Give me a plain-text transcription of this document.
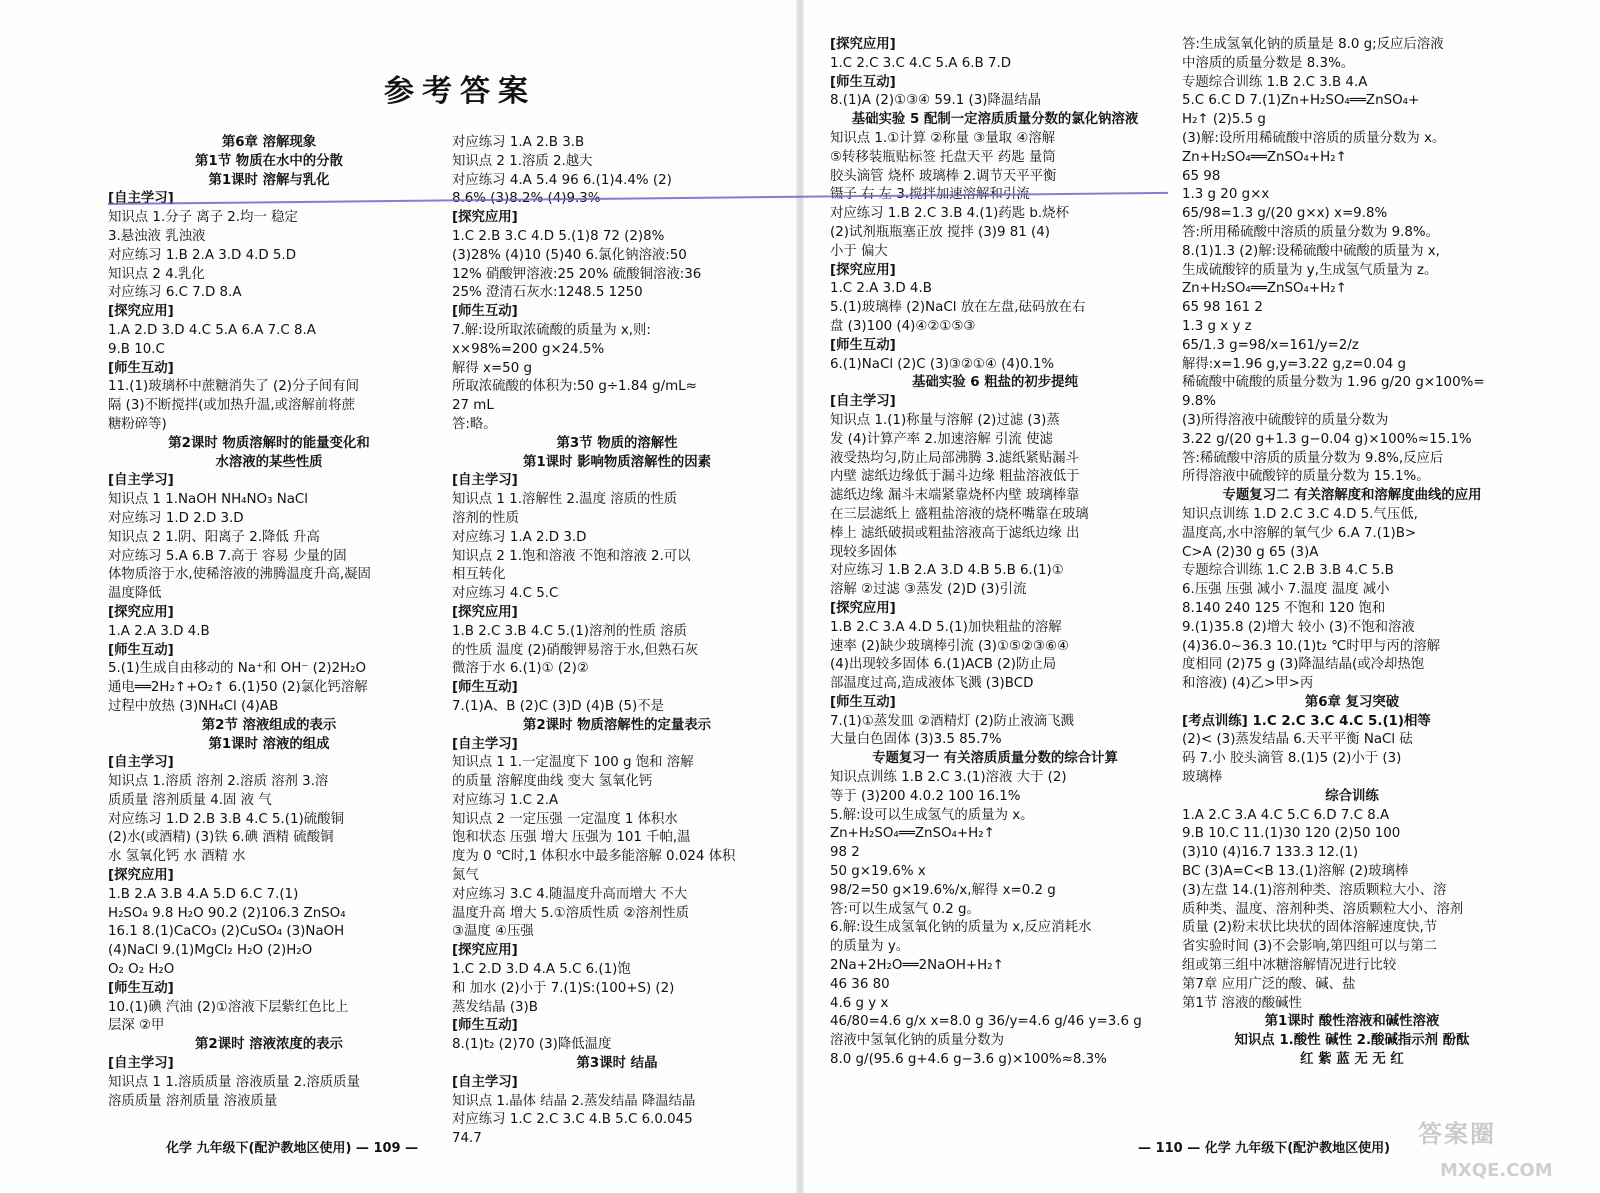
参考答案
第6章 溶解现象
第1节 物质在水中的分散
第1课时 溶解与乳化
[自主学习]
知识点 1.分子 离子 2.均一 稳定
3.悬浊液 乳浊液
对应练习 1.B 2.A 3.D 4.D 5.D
知识点 2 4.乳化
对应练习 6.C 7.D 8.A
[探究应用]
1.A 2.D 3.D 4.C 5.A 6.A 7.C 8.A
9.B 10.C
[师生互动]
11.(1)玻璃杯中蔗糖消失了 (2)分子间有间
隔 (3)不断搅拌(或加热升温,或溶解前将蔗
糖粉碎等)
第2课时 物质溶解时的能量变化和
水溶液的某些性质
[自主学习]
知识点 1 1.NaOH NH₄NO₃ NaCl
对应练习 1.D 2.D 3.D
知识点 2 1.阴、阳离子 2.降低 升高
对应练习 5.A 6.B 7.高于 容易 少量的固
体物质溶于水,使稀溶液的沸腾温度升高,凝固
温度降低
[探究应用]
1.A 2.A 3.D 4.B
[师生互动]
5.(1)生成自由移动的 Na⁺和 OH⁻ (2)2H₂O
通电══2H₂↑+O₂↑ 6.(1)50 (2)氯化钙溶解
过程中放热 (3)NH₄Cl (4)AB
第2节 溶液组成的表示
第1课时 溶液的组成
[自主学习]
知识点 1.溶质 溶剂 2.溶质 溶剂 3.溶
质质量 溶剂质量 4.固 液 气
对应练习 1.D 2.B 3.B 4.C 5.(1)硫酸铜
(2)水(或酒精) (3)铁 6.碘 酒精 硫酸铜
水 氢氧化钙 水 酒精 水
[探究应用]
1.B 2.A 3.B 4.A 5.D 6.C 7.(1)
H₂SO₄ 9.8 H₂O 90.2 (2)106.3 ZnSO₄
16.1 8.(1)CaCO₃ (2)CuSO₄ (3)NaOH
(4)NaCl 9.(1)MgCl₂ H₂O (2)H₂O
O₂ O₂ H₂O
[师生互动]
10.(1)碘 汽油 (2)①溶液下层紫红色比上
层深 ②甲
第2课时 溶液浓度的表示
[自主学习]
知识点 1 1.溶质质量 溶液质量 2.溶质质量
溶质质量 溶剂质量 溶液质量
对应练习 1.A 2.B 3.B
知识点 2 1.溶质 2.越大
对应练习 4.A 5.4 96 6.(1)4.4% (2)
[探究应用]
1.C 2.B 3.C 4.D 5.(1)8 72 (2)8%
(3)28% (4)10 (5)40 6.氯化钠溶液:50
12% 硝酸钾溶液:25 20% 硫酸铜溶液:36
25% 澄清石灰水:1248.5 1250
[师生互动]
7.解:设所取浓硫酸的质量为 x,则:
x×98%=200 g×24.5%
解得 x=50 g
所取浓硫酸的体积为:50 g÷1.84 g/mL≈
27 mL
答:略。
第3节 物质的溶解性
第1课时 影响物质溶解性的因素
[自主学习]
知识点 1 1.溶解性 2.温度 溶质的性质
溶剂的性质
对应练习 1.A 2.D 3.D
知识点 2 1.饱和溶液 不饱和溶液 2.可以
相互转化
对应练习 4.C 5.C
[探究应用]
1.B 2.C 3.B 4.C 5.(1)溶剂的性质 溶质
的性质 温度 (2)硝酸钾易溶于水,但熟石灰
微溶于水 6.(1)① (2)②
[师生互动]
7.(1)A、B (2)C (3)D (4)B (5)不是
第2课时 物质溶解性的定量表示
[自主学习]
知识点 1 1.一定温度下 100 g 饱和 溶解
的质量 溶解度曲线 变大 氢氧化钙
对应练习 1.C 2.A
知识点 2 一定压强 一定温度 1 体积水
饱和状态 压强 增大 压强为 101 千帕,温
度为 0 ℃时,1 体积水中最多能溶解 0.024 体积
氮气
对应练习 3.C 4.随温度升高而增大 不大
温度升高 增大 5.①溶质性质 ②溶剂性质
③温度 ④压强
[探究应用]
1.C 2.D 3.D 4.A 5.C 6.(1)饱
和 加水 (2)小于 7.(1)S:(100+S) (2)
蒸发结晶 (3)B
[师生互动]
8.(1)t₂ (2)70 (3)降低温度
第3课时 结晶
[自主学习]
知识点 1.晶体 结晶 2.蒸发结晶 降温结晶
对应练习 1.C 2.C 3.C 4.B 5.C 6.0.045
74.7
[探究应用]
1.C 2.C 3.C 4.C 5.A 6.B 7.D
[师生互动]
8.(1)A (2)①③④ 59.1 (3)降温结晶
基础实验 5 配制一定溶质质量分数的氯化钠溶液
知识点 1.①计算 ②称量 ③量取 ④溶解
⑤转移装瓶贴标签 托盘天平 药匙 量筒
胶头滴管 烧杯 玻璃棒 2.调节天平平衡
对应练习 1.B 2.C 3.B 4.(1)药匙 b.烧杯
(2)试剂瓶瓶塞正放 搅拌 (3)9 81 (4)
小于 偏大
[探究应用]
1.C 2.A 3.D 4.B
5.(1)玻璃棒 (2)NaCl 放在左盘,砝码放在右
盘 (3)100 (4)④②①⑤③
[师生互动]
6.(1)NaCl (2)C (3)③②①④ (4)0.1%
基础实验 6 粗盐的初步提纯
[自主学习]
知识点 1.(1)称量与溶解 (2)过滤 (3)蒸
发 (4)计算产率 2.加速溶解 引流 使滤
液受热均匀,防止局部沸腾 3.滤纸紧贴漏斗
内壁 滤纸边缘低于漏斗边缘 粗盐溶液低于
滤纸边缘 漏斗末端紧靠烧杯内壁 玻璃棒靠
在三层滤纸上 盛粗盐溶液的烧杯嘴靠在玻璃
棒上 滤纸破损或粗盐溶液高于滤纸边缘 出
现较多固体
对应练习 1.B 2.A 3.D 4.B 5.B 6.(1)①
溶解 ②过滤 ③蒸发 (2)D (3)引流
[探究应用]
1.B 2.C 3.A 4.D 5.(1)加快粗盐的溶解
速率 (2)缺少玻璃棒引流 (3)①⑤②③⑥④
(4)出现较多固体 6.(1)ACB (2)防止局
部温度过高,造成液体飞溅 (3)BCD
[师生互动]
7.(1)①蒸发皿 ②酒精灯 (2)防止液滴飞溅
大量白色固体 (3)3.5 85.7%
专题复习一 有关溶质质量分数的综合计算
知识点训练 1.B 2.C 3.(1)溶液 大于 (2)
等于 (3)200 4.0.2 100 16.1%
5.解:设可以生成氢气的质量为 x。
Zn+H₂SO₄══ZnSO₄+H₂↑
98 2
50 g×19.6% x
98/2=50 g×19.6%/x,解得 x=0.2 g
答:可以生成氢气 0.2 g。
6.解:设生成氢氧化钠的质量为 x,反应消耗水
的质量为 y。
2Na+2H₂O══2NaOH+H₂↑
46 36 80
4.6 g y x
46/80=4.6 g/x x=8.0 g 36/y=4.6 g/46 y=3.6 g
溶液中氢氧化钠的质量分数为
8.0 g/(95.6 g+4.6 g−3.6 g)×100%≈8.3%
答:生成氢氧化钠的质量是 8.0 g;反应后溶液
中溶质的质量分数是 8.3%。
专题综合训练 1.B 2.C 3.B 4.A
5.C 6.C D 7.(1)Zn+H₂SO₄══ZnSO₄+
H₂↑ (2)5.5 g
(3)解:设所用稀硫酸中溶质的质量分数为 x。
Zn+H₂SO₄══ZnSO₄+H₂↑
65 98
1.3 g 20 g×x
65/98=1.3 g/(20 g×x) x=9.8%
答:所用稀硫酸中溶质的质量分数为 9.8%。
8.(1)1.3 (2)解:设稀硫酸中硫酸的质量为 x,
生成硫酸锌的质量为 y,生成氢气质量为 z。
Zn+H₂SO₄══ZnSO₄+H₂↑
65 98 161 2
1.3 g x y z
65/1.3 g=98/x=161/y=2/z
解得:x=1.96 g,y=3.22 g,z=0.04 g
稀硫酸中硫酸的质量分数为 1.96 g/20 g×100%=
9.8%
(3)所得溶液中硫酸锌的质量分数为
3.22 g/(20 g+1.3 g−0.04 g)×100%≈15.1%
答:稀硫酸中溶质的质量分数为 9.8%,反应后
所得溶液中硫酸锌的质量分数为 15.1%。
专题复习二 有关溶解度和溶解度曲线的应用
知识点训练 1.D 2.C 3.C 4.D 5.气压低,
温度高,水中溶解的氧气少 6.A 7.(1)B>
C>A (2)30 g 65 (3)A
专题综合训练 1.C 2.B 3.B 4.C 5.B
6.压强 压强 减小 7.温度 温度 减小
8.140 240 125 不饱和 120 饱和
9.(1)35.8 (2)增大 较小 (3)不饱和溶液
(4)36.0~36.3 10.(1)t₂ ℃时甲与丙的溶解
度相同 (2)75 g (3)降温结晶(或冷却热饱
和溶液) (4)乙>甲>丙
第6章 复习突破
[考点训练] 1.C 2.C 3.C 4.C 5.(1)相等
(2)< (3)蒸发结晶 6.天平平衡 NaCl 砝
码 7.小 胶头滴管 8.(1)5 (2)小于 (3)
玻璃棒
综合训练
1.A 2.C 3.A 4.C 5.C 6.D 7.C 8.A
9.B 10.C 11.(1)30 120 (2)50 100
(3)10 (4)16.7 133.3 12.(1)
BC (3)A=C<B 13.(1)溶解 (2)玻璃棒
(3)左盘 14.(1)溶剂种类、溶质颗粒大小、溶
质种类、温度、溶剂种类、溶质颗粒大小、溶剂
质量 (2)粉末状比块状的固体溶解速度快,节
省实验时间 (3)不会影响,第四组可以与第二
组或第三组中冰糖溶解情况进行比较
第7章 应用广泛的酸、碱、盐
第1节 溶液的酸碱性
第1课时 酸性溶液和碱性溶液
知识点 1.酸性 碱性 2.酸碱指示剂 酚酞
红 紫 蓝 无 无 红
化学 九年级下(配沪教地区使用) — 109 —	— 110 — 化学 九年级下(配沪教地区使用)
答案圈
MXQE.COM
